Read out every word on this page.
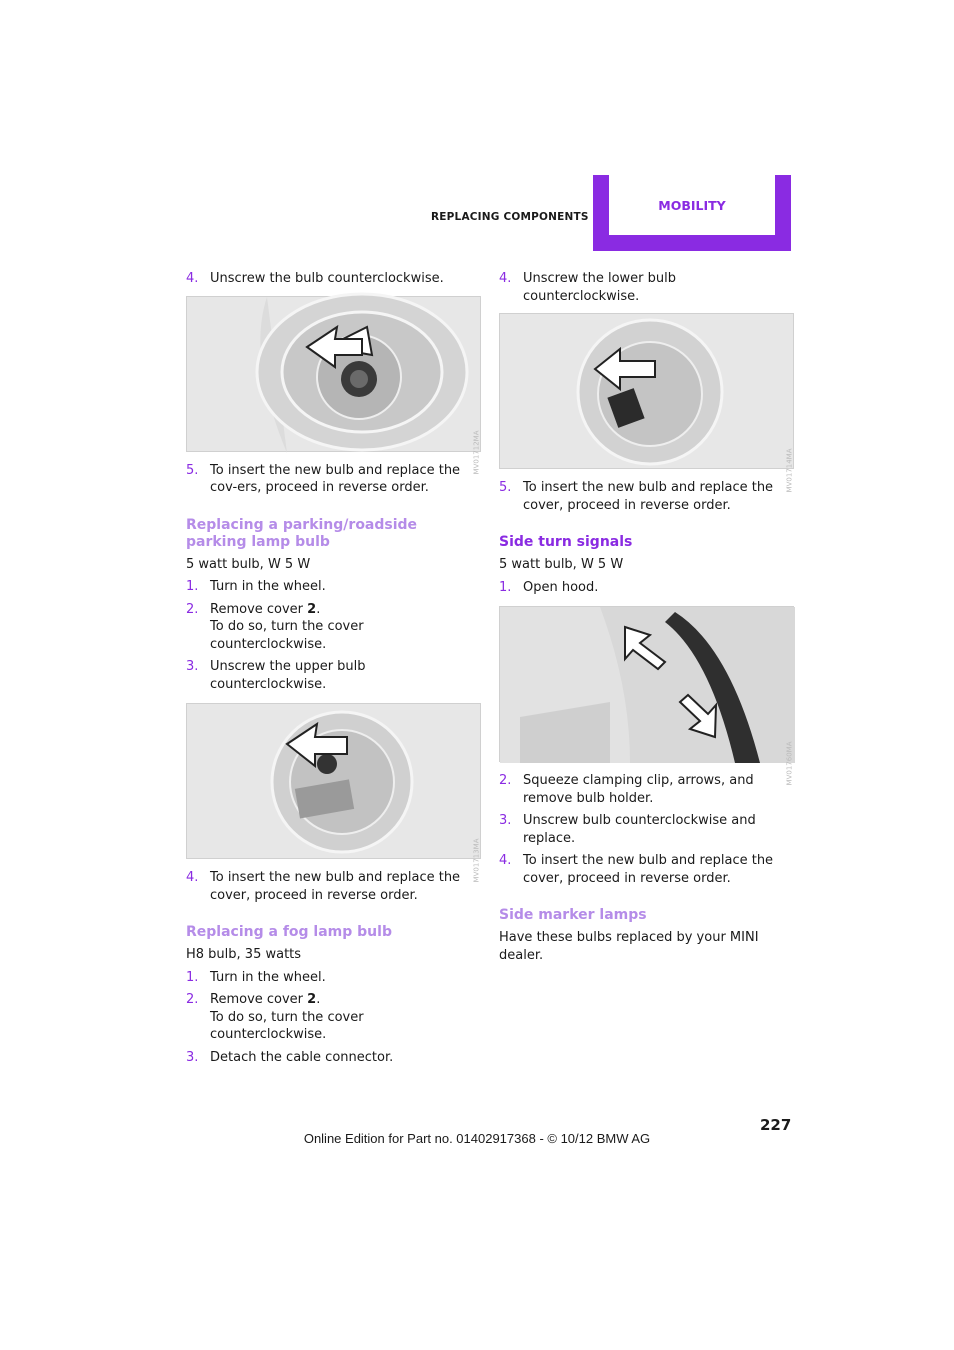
REPLACING COMPONENTS
MOBILITY
4. Unscrew the bulb counterclockwise.
MV01712MA
5. To insert the new bulb and replace the cov-ers, proceed in reverse order.
Replacing a parking/roadside parking lamp bulb
5 watt bulb, W 5 W
1. Turn in the wheel.
2. Remove cover 2.
To do so, turn the cover counterclockwise.
3. Unscrew the upper bulb counterclockwise.
MV01713MA
4. To insert the new bulb and replace the cover, proceed in reverse order.
Replacing a fog lamp bulb
H8 bulb, 35 watts
1. Turn in the wheel.
2. Remove cover 2.
To do so, turn the cover counterclockwise.
3. Detach the cable connector.
4. Unscrew the lower bulb counterclockwise.
MV01714MA
5. To insert the new bulb and replace the cover, proceed in reverse order.
Side turn signals
5 watt bulb, W 5 W
1. Open hood.
MV01760MA
2. Squeeze clamping clip, arrows, and remove bulb holder.
3. Unscrew bulb counterclockwise and replace.
4. To insert the new bulb and replace the cover, proceed in reverse order.
Side marker lamps
Have these bulbs replaced by your MINI dealer.
227
Online Edition for Part no. 01402917368 - © 10/12 BMW AG
